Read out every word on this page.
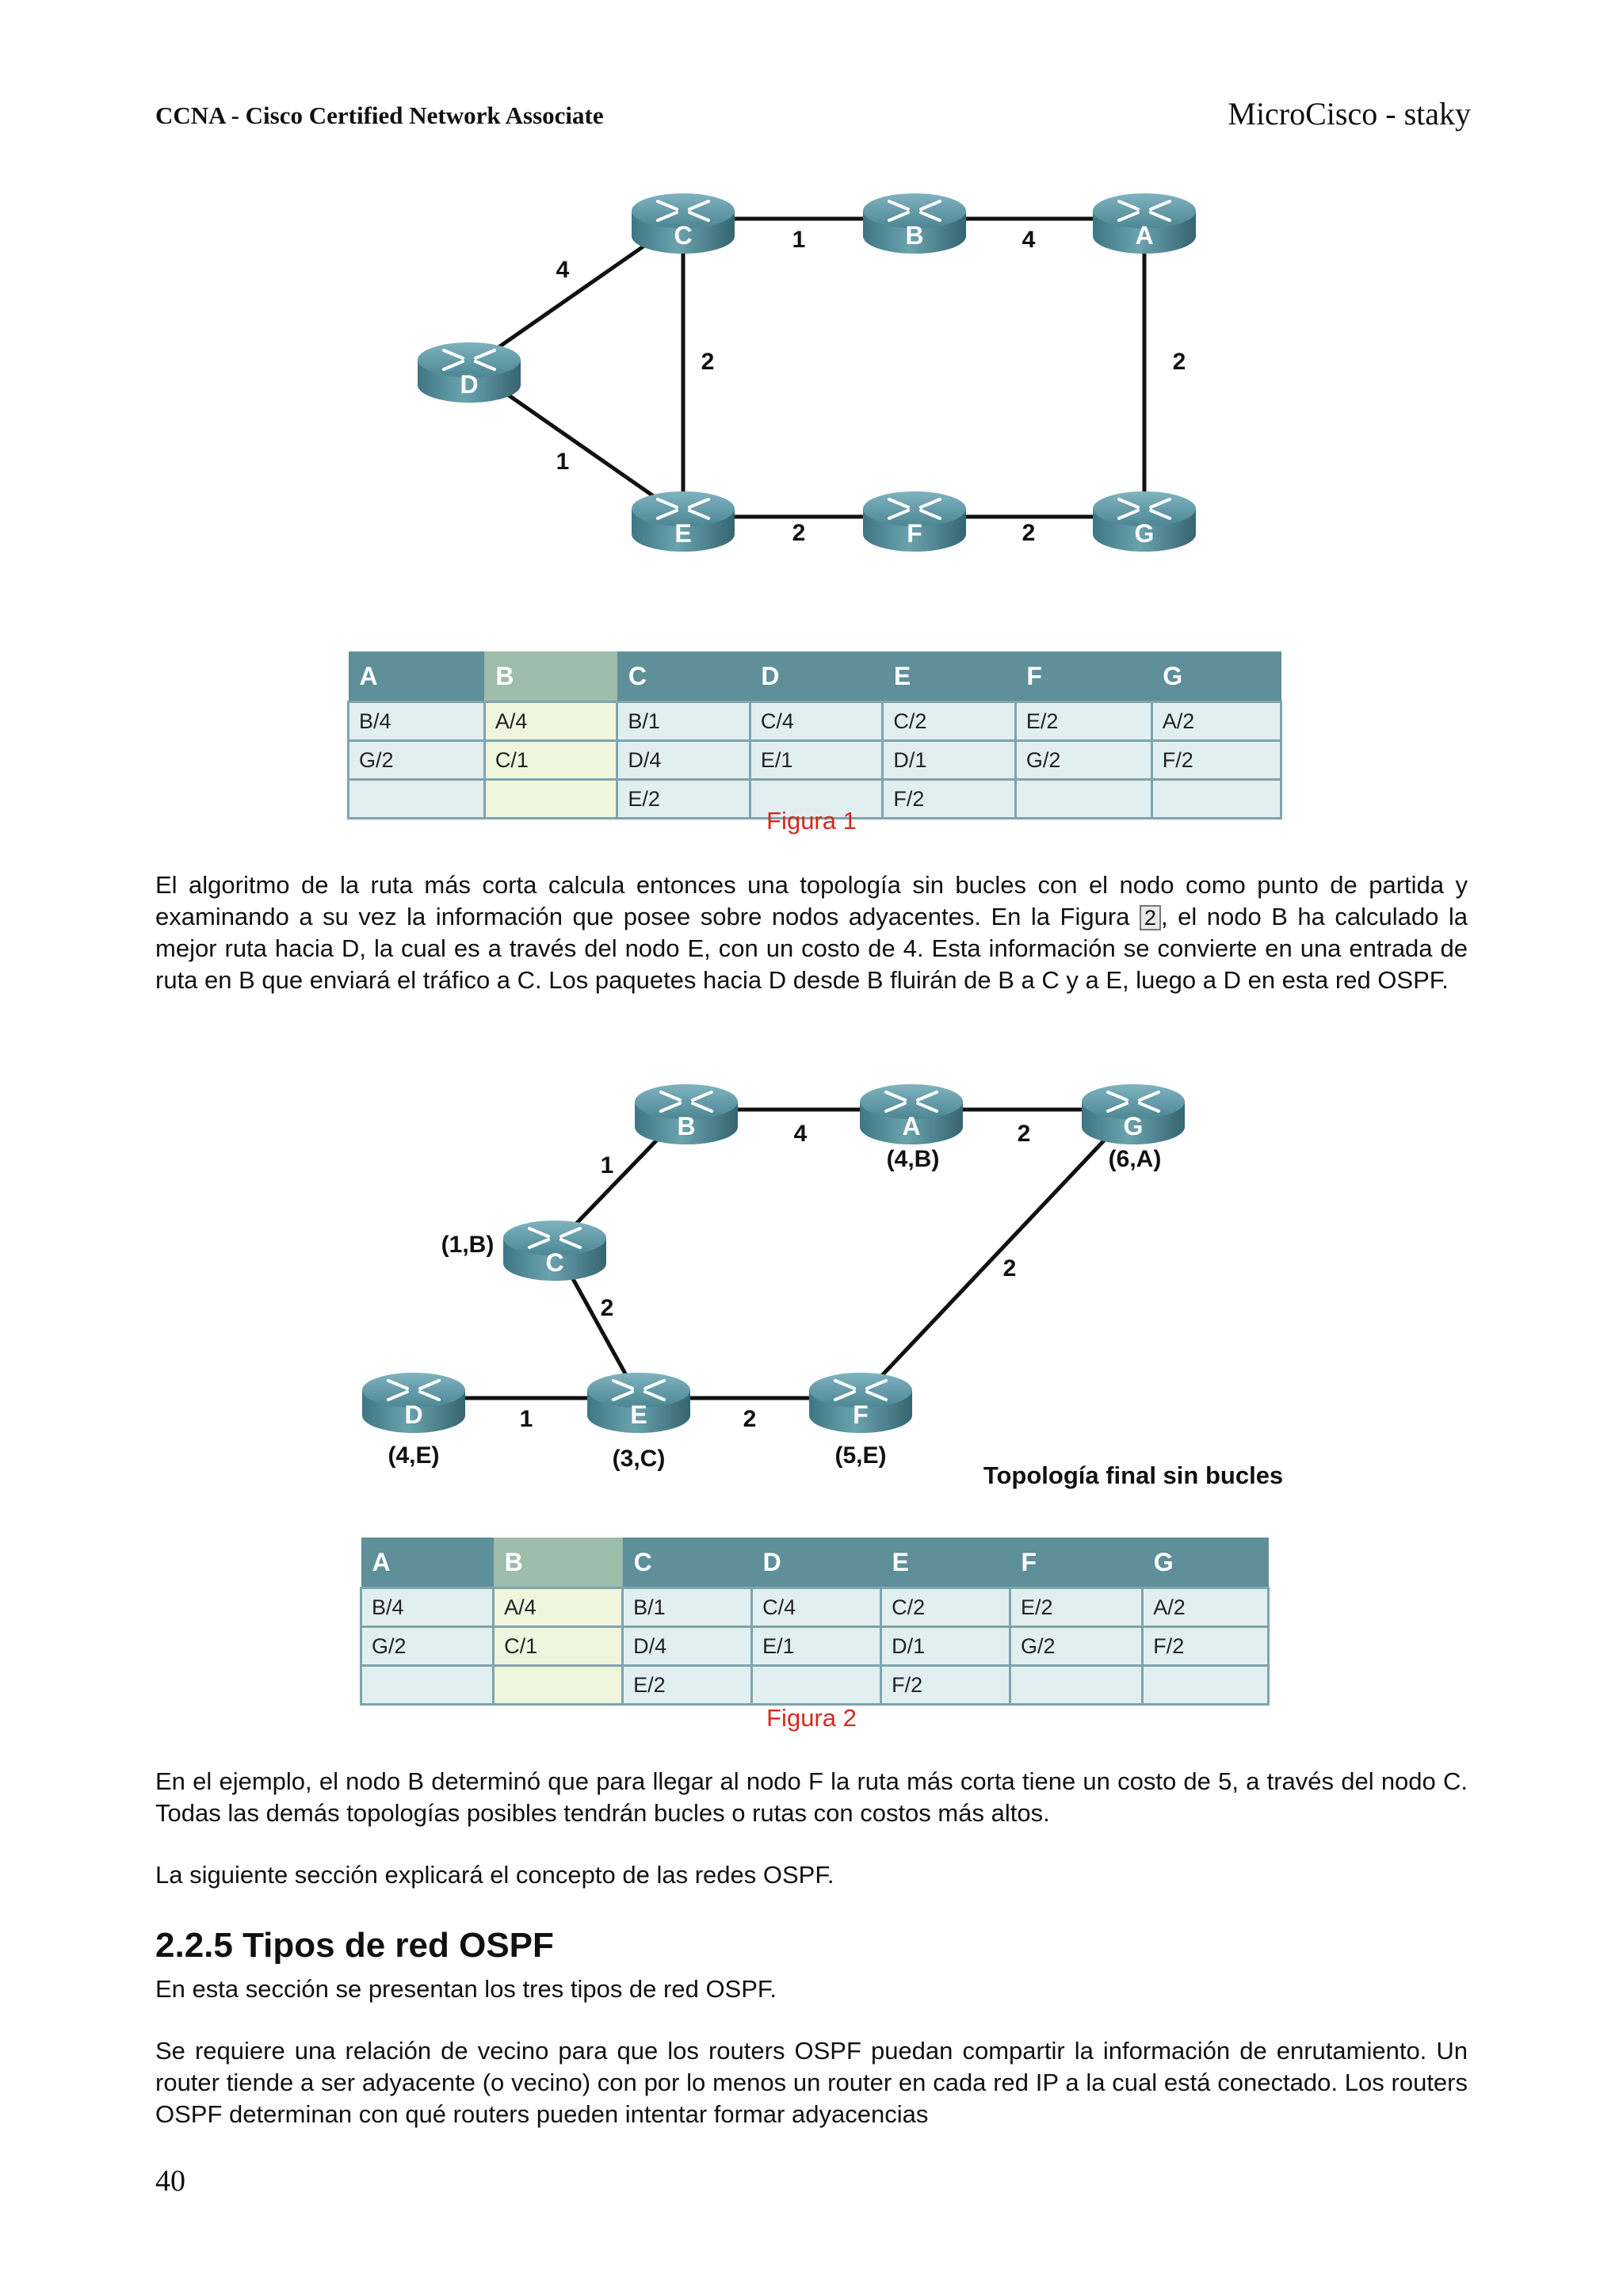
CCNA - Cisco Certified Network Associate	MicroCisco - staky
C	B	A
D
E	F	G
1	4
4
2	2
1
2	2
A	B	C	D	E	F	G
B/4	A/4	B/1	C/4	C/2	E/2	A/2
G/2	C/1	D/4	E/1	D/1	G/2	F/2
		E/2		F/2		
Figura 1

El algoritmo de la ruta más corta calcula entonces una topología sin bucles con el nodo como punto de partida y examinando a su vez la información que posee sobre nodos adyacentes. En la Figura 2 , el nodo B ha calculado la mejor ruta hacia D, la cual es a través del nodo E, con un costo de 4. Esta información se convierte en una entrada de ruta en B que enviará el tráfico a C. Los paquetes hacia D desde B fluirán de B a C y a E, luego a D en esta red OSPF.

B	A	G
C
D	E	F
4	2
1
2
2
1	2
(4,B)	(6,A)
(1,B)
(4,E)	(3,C)	(5,E)
Topología final sin bucles
A	B	C	D	E	F	G
B/4	A/4	B/1	C/4	C/2	E/2	A/2
G/2	C/1	D/4	E/1	D/1	G/2	F/2
		E/2		F/2		
Figura 2

En el ejemplo, el nodo B determinó que para llegar al nodo F la ruta más corta tiene un costo de 5, a través del nodo C. Todas las demás topologías posibles tendrán bucles o rutas con costos más altos.

La siguiente sección explicará el concepto de las redes OSPF.

2.2.5 Tipos de red OSPF

En esta sección se presentan los tres tipos de red OSPF.

Se requiere una relación de vecino para que los routers OSPF puedan compartir la información de enrutamiento. Un router tiende a ser adyacente (o vecino) con por lo menos un router en cada red IP a la cual está conectado. Los routers OSPF determinan con qué routers pueden intentar formar adyacencias

40
